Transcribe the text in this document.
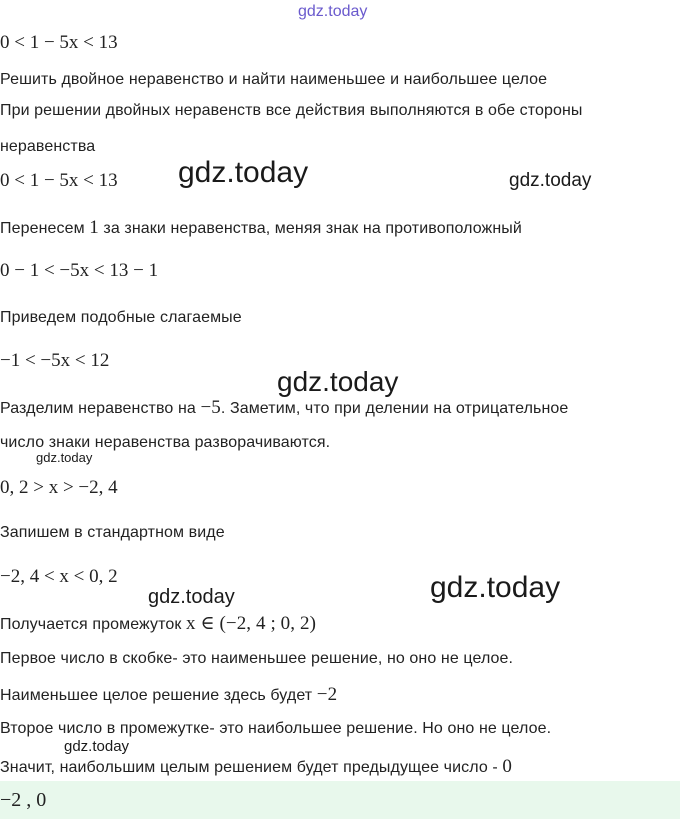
gdz.today
0 < 1 − 5x < 13
Решить двойное неравенство и найти наименьшее и наибольшее целое
При решении двойных неравенств все действия выполняются в обе стороны
неравенства
0 < 1 − 5x < 13 gdz.today	gdz.today
Перенесем 1 за знаки неравенства, меняя знак на противоположный
0 − 1 < −5x < 13 − 1
Приведем подобные слагаемые
−1 < −5x < 12
gdz.today
Разделим неравенство на −5. Заметим, что при делении на отрицательное
число знаки неравенства разворачиваются.
gdz.today
0, 2 > x > −2, 4
Запишем в стандартном виде
−2, 4 < x < 0, 2
gdz.today	gdz.today
Получается промежуток x ∈ (−2, 4 ; 0, 2)
Первое число в скобке- это наименьшее решение, но оно не целое.
Наименьшее целое решение здесь будет −2
Второе число в промежутке- это наибольшее решение. Но оно не целое.
gdz.today
Значит, наибольшим целым решением будет предыдущее число - 0
−2 , 0
